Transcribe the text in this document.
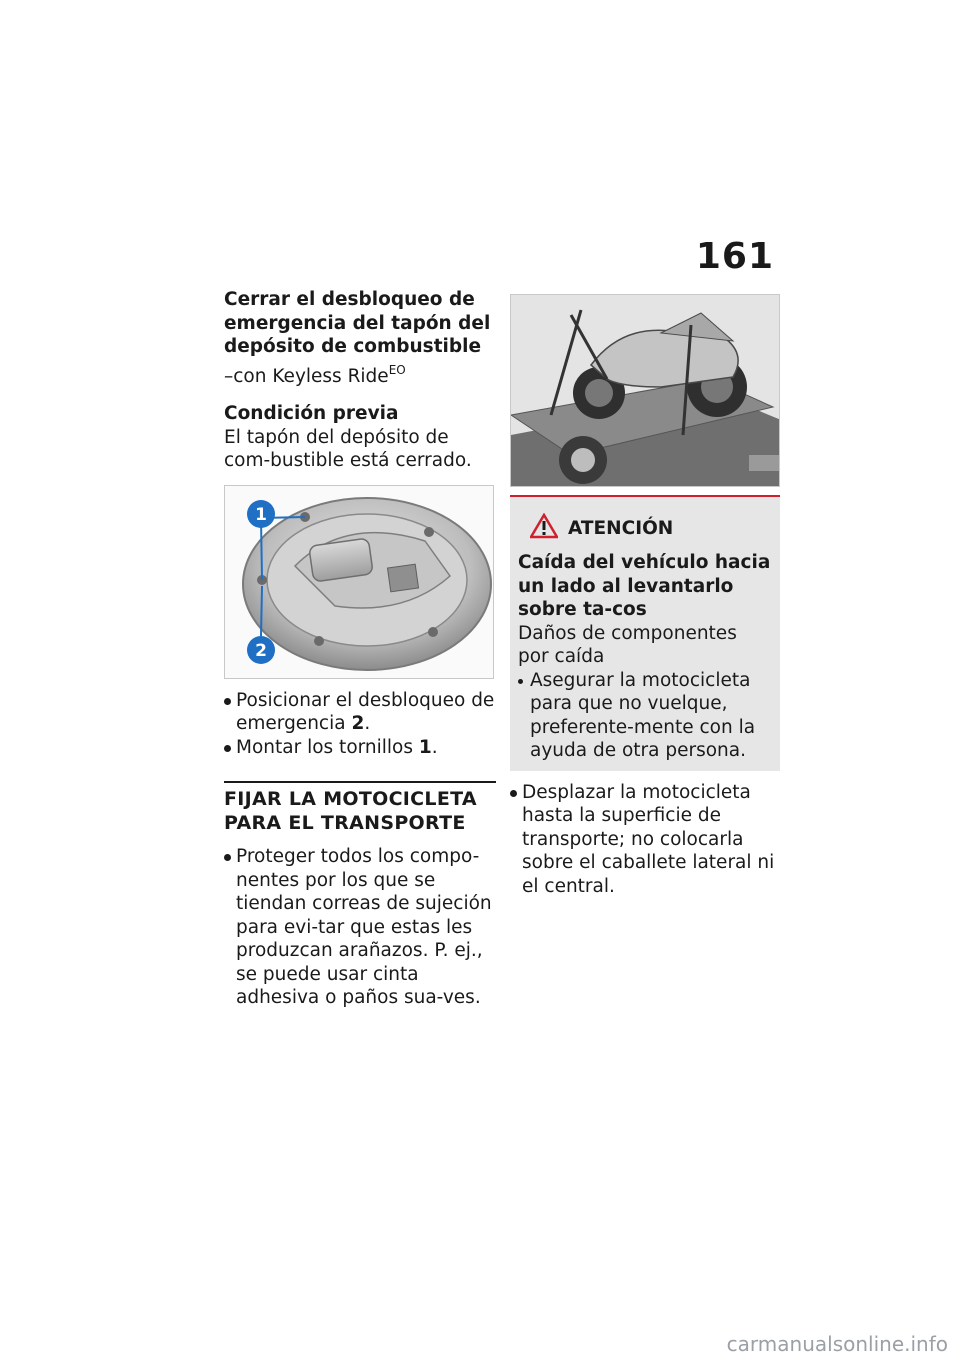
161

Cerrar el desbloqueo de emergencia del tapón del depósito de combustible

–con Keyless Ride$^{EO}$

Condición previa

El tapón del depósito de com-bustible está cerrado.

1
2
Posicionar el desbloqueo de emergencia 2.
Montar los tornillos 1.
FIJAR LA MOTOCICLETA PARA EL TRANSPORTE
Proteger todos los compo-nentes por los que se tiendan correas de sujeción para evi-tar que estas les produzcan arañazos. P. ej., se puede usar cinta adhesiva o paños sua-ves.
ATENCIÓN

Caída del vehículo hacia un lado al levantarlo sobre ta-cos

Daños de componentes por caída

Asegurar la motocicleta para que no vuelque, preferente-mente con la ayuda de otra persona.
Desplazar la motocicleta hasta la superficie de transporte; no colocarla sobre el caballete lateral ni el central.
carmanualsonline.info
